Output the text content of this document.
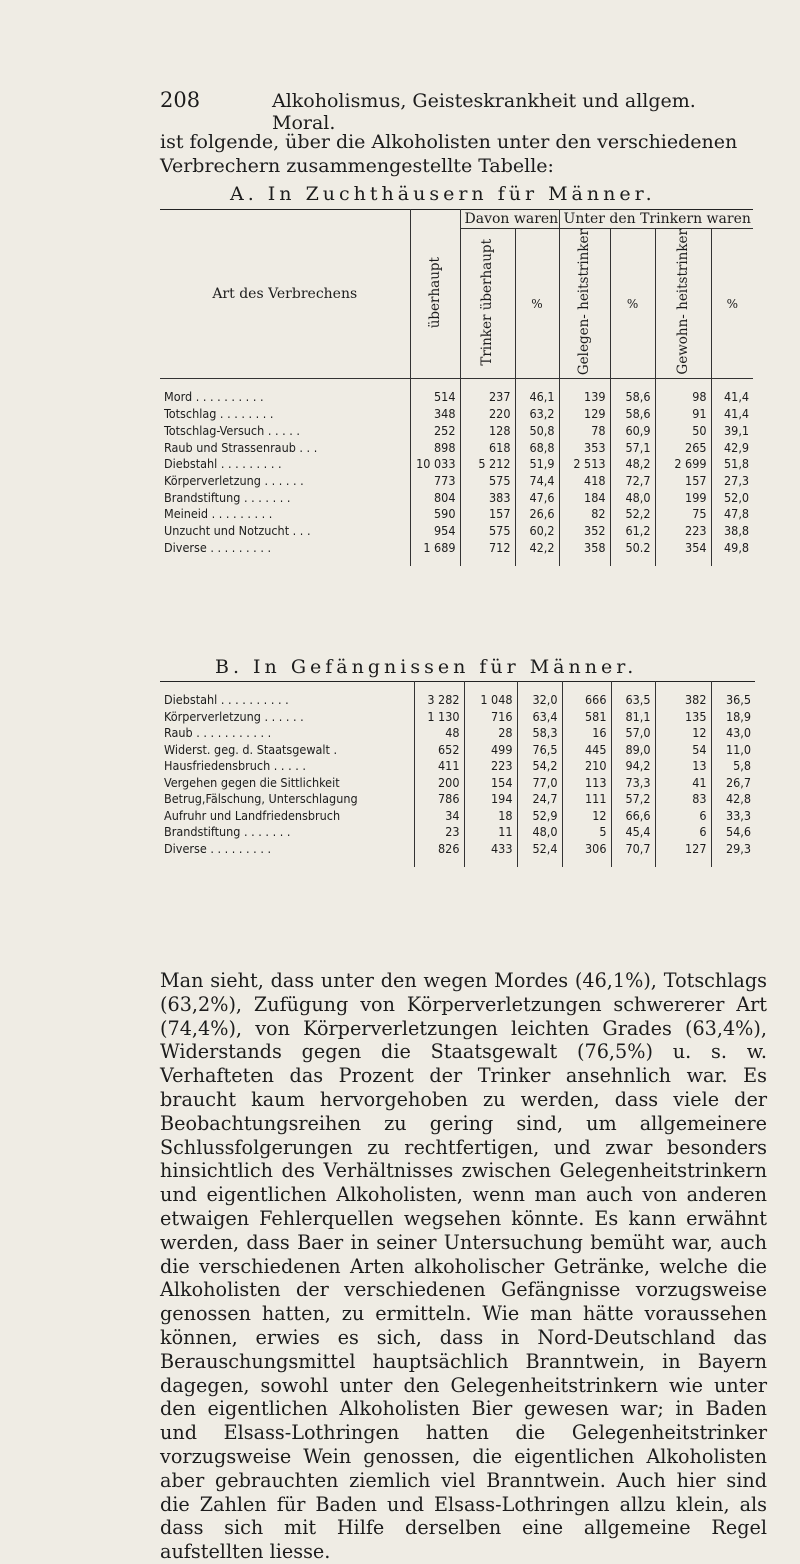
208	Alkoholismus, Geisteskrankheit und allgem. Moral.
ist folgende, über die Alkoholisten unter den verschiedenen Verbrechern zusammengestellte Tabelle:
A. In Zuchthäusern für Männer.
Art des Verbrechens	überhaupt	Davon waren		Unter den Trinkern waren			
		Trinker überhaupt	%	Gelegen- heitstrinker	%	Gewohn- heitstrinker	%
Mord . . . . . . . . . .	514	237	46,1	139	58,6	98	41,4
Totschlag . . . . . . . .	348	220	63,2	129	58,6	91	41,4
Totschlag-Versuch . . . . .	252	128	50,8	78	60,9	50	39,1
Raub und Strassenraub . . .	898	618	68,8	353	57,1	265	42,9
Diebstahl . . . . . . . . .	10 033	5 212	51,9	2 513	48,2	2 699	51,8
Körperverletzung . . . . . .	773	575	74,4	418	72,7	157	27,3
Brandstiftung . . . . . . .	804	383	47,6	184	48,0	199	52,0
Meineid . . . . . . . . .	590	157	26,6	82	52,2	75	47,8
Unzucht und Notzucht . . .	954	575	60,2	352	61,2	223	38,8
Diverse . . . . . . . . .	1 689	712	42,2	358	50.2	354	49,8
B. In Gefängnissen für Männer.
Diebstahl . . . . . . . . . .	3 282	1 048	32,0	666	63,5	382	36,5
Körperverletzung . . . . . .	1 130	716	63,4	581	81,1	135	18,9
Raub . . . . . . . . . . .	48	28	58,3	16	57,0	12	43,0
Widerst. geg. d. Staatsgewalt .	652	499	76,5	445	89,0	54	11,0
Hausfriedensbruch . . . . .	411	223	54,2	210	94,2	13	5,8
Vergehen gegen die Sittlichkeit	200	154	77,0	113	73,3	41	26,7
Betrug,Fälschung, Unterschlagung	786	194	24,7	111	57,2	83	42,8
Aufruhr und Landfriedensbruch	34	18	52,9	12	66,6	6	33,3
Brandstiftung . . . . . . .	23	11	48,0	5	45,4	6	54,6
Diverse . . . . . . . . .	826	433	52,4	306	70,7	127	29,3
Man sieht, dass unter den wegen Mordes (46,1%), Totschlags (63,2%), Zufügung von Körperverletzungen schwererer Art (74,4%), von Körperverletzungen leichten Grades (63,4%), Widerstands gegen die Staatsgewalt (76,5%) u. s. w. Verhafteten das Prozent der Trinker ansehnlich war. Es braucht kaum hervorgehoben zu werden, dass viele der Beobachtungsreihen zu gering sind, um allgemeinere Schlussfolgerungen zu rechtfertigen, und zwar besonders hinsichtlich des Verhältnisses zwischen Gelegenheitstrinkern und eigentlichen Alkoholisten, wenn man auch von anderen etwaigen Fehlerquellen wegsehen könnte. Es kann erwähnt werden, dass Baer in seiner Untersuchung bemüht war, auch die verschiedenen Arten alkoholischer Getränke, welche die Alkoholisten der verschiedenen Gefängnisse vorzugsweise genossen hatten, zu ermitteln. Wie man hätte voraussehen können, erwies es sich, dass in Nord-Deutschland das Berauschungsmittel hauptsächlich Branntwein, in Bayern dagegen, sowohl unter den Gelegenheitstrinkern wie unter den eigentlichen Alkoholisten Bier gewesen war; in Baden und Elsass-Lothringen hatten die Gelegenheitstrinker vorzugsweise Wein genossen, die eigentlichen Alkoholisten aber gebrauchten ziemlich viel Branntwein. Auch hier sind die Zahlen für Baden und Elsass-Lothringen allzu klein, als dass sich mit Hilfe derselben eine allgemeine Regel aufstellten liesse.
